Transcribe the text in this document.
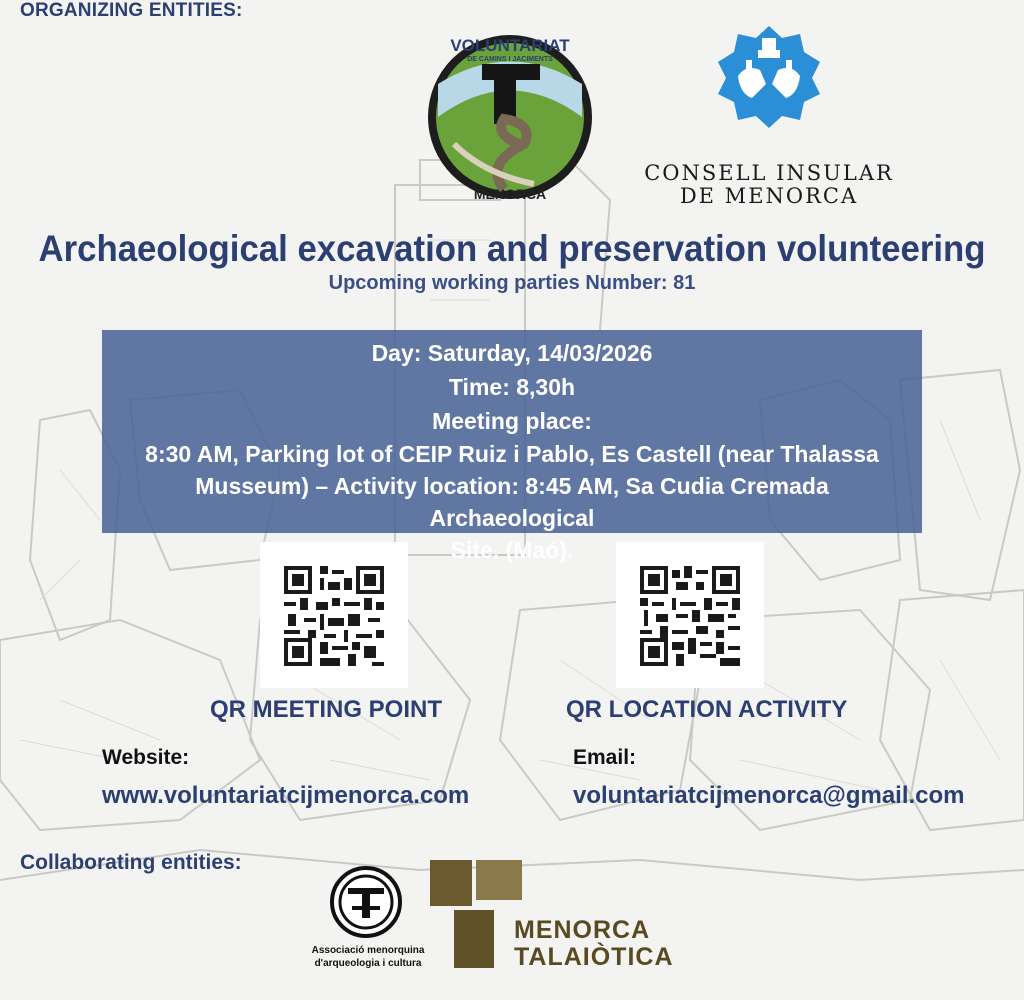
ORGANIZING ENTITIES:
VOLUNTARIAT
DE CAMINS I JACIMENTS
MENORCA
CONSELL INSULAR
DE MENORCA
Archaeological excavation and preservation volunteering
Upcoming working parties Number: 81
Day: Saturday, 14/03/2026
Time: 8,30h
Meeting place:
8:30 AM, Parking lot of CEIP Ruiz i Pablo, Es Castell (near Thalassa
Musseum) – Activity location: 8:45 AM, Sa Cudia Cremada Archaeological
Site. (Maó).
QR MEETING POINT	QR LOCATION ACTIVITY
Website:
www.voluntariatcijmenorca.com
Email:
voluntariatcijmenorca@gmail.com
Collaborating entities:
Associació menorquina
d'arqueologia i cultura
MENORCA
TALAIÒTICA
